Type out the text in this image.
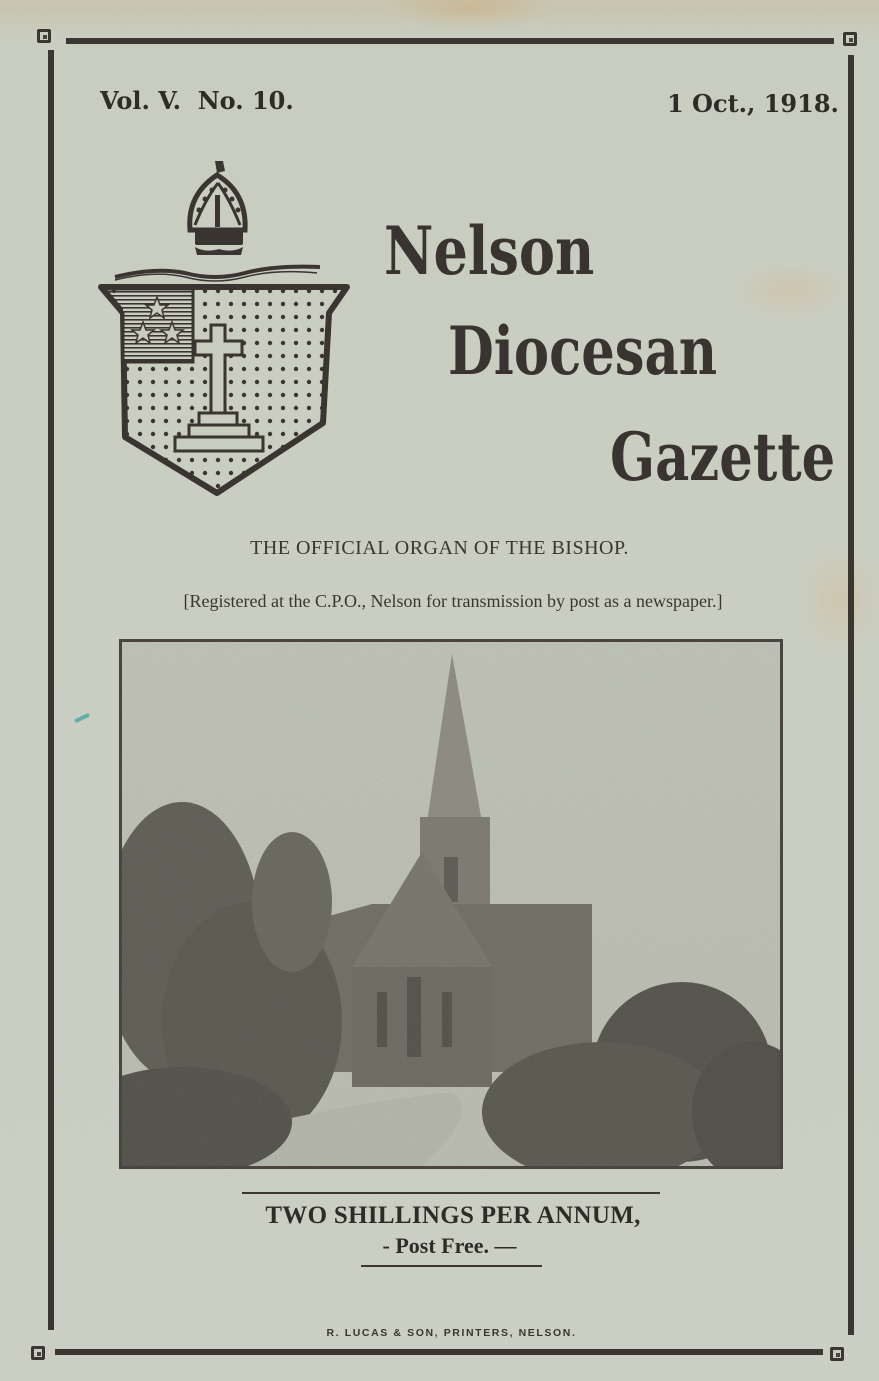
Vol. V.  No. 10.	1 Oct., 1918.
Nelson
Diocesan
Gazette
THE OFFICIAL ORGAN OF THE BISHOP.
[Registered at the C.P.O., Nelson for transmission by post as a newspaper.]
TWO SHILLINGS PER ANNUM,
- Post Free. —
R. LUCAS & SON, PRINTERS, NELSON.
